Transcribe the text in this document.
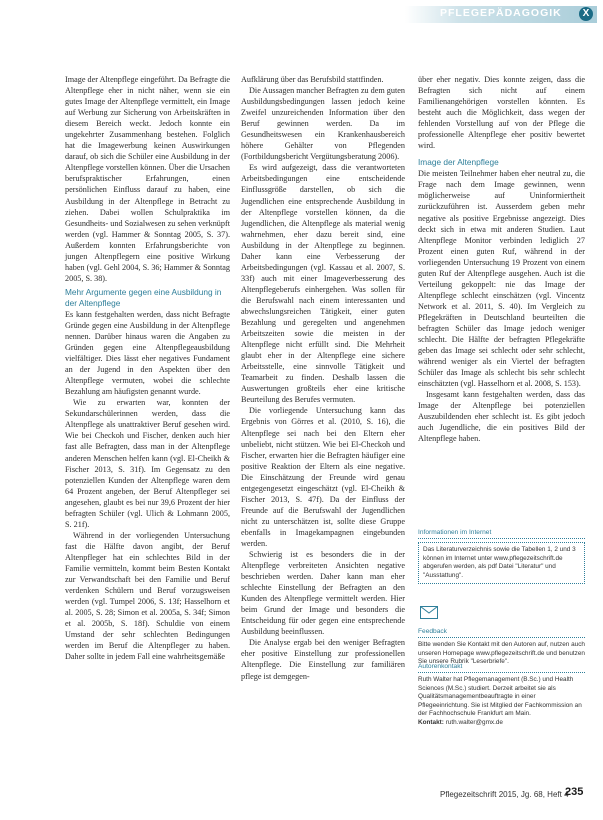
PFLEGEPÄDAGOGIK	X

Image der Altenpflege eingeführt. Da Befragte die Altenpflege eher in nicht näher, wenn sie ein gutes Image der Altenpflege vermittelt, ein Image auf Werbung zur Sicherung von Arbeitskräften in diesem Bereich weckt. Jedoch konnte ein ungekehrter Zusammenhang bestehen. Folglich hat die Imagewerbung keinen Auswirkungen darauf, ob sich die Schüler eine Ausbildung in der Altenpflege vorstellen können. Über die Ursachen berufspraktischer Erfahrungen, einen persönlichen Einfluss darauf zu haben, eine Ausbildung in der Altenpflege in Betracht zu ziehen. Dabei wollen Schulpraktika im Gesundheits- und Sozialwesen zu sehen verknüpft werden (vgl. Hammer & Sonntag 2005, S. 37). Außerdem konnten Erfahrungsberichte von jungen Altenpflegern eine positive Wirkung haben (vgl. Gehl 2004, S. 36; Hammer & Sonntag 2005, S. 38).

Mehr Argumente gegen eine Ausbildung in der Altenpflege

Es kann festgehalten werden, dass nicht Befragte Gründe gegen eine Ausbildung in der Altenpflege nennen. Darüber hinaus waren die Angaben zu Gründen gegen eine Altenpflegeausbildung vielfältiger. Dies lässt eher negatives Fundament an der Jugend in den Aspekten über den Altenpflege vermuten, wobei die schlechte Bezahlung am häufigsten genannt wurde.

Wie zu erwarten war, konnten der Sekundarschülerinnen werden, dass die Altenpflege als unattraktiver Beruf gesehen wird. Wie bei Checkoh und Fischer, denken auch hier fast alle Befragten, dass man in der Altenpflege anderen Menschen helfen kann (vgl. El-Cheikh & Fischer 2013, S. 31f). Im Gegensatz zu den potenziellen Kunden der Altenpflege waren dem 64 Prozent angeben, der Beruf Altenpfleger sei angesehen, glaubt es bei nur 39,6 Prozent der hier befragten Schüler (vgl. Ulich & Lohmann 2005, S. 21f).

Während in der vorliegenden Untersuchung fast die Hälfte davon angibt, der Beruf Altenpfleger hat ein schlechtes Bild in der Familie vermitteln, kommt beim Besten Kontakt zur Verwandtschaft bei den Familie und Beruf verdenken Schülern und Beruf vorzugsweisen werden (vgl. Tumpel 2006, S. 13f; Hasselhorn et al. 2005, S. 28; Simon et al. 2005a, S. 34f; Simon et al. 2005b, S. 18f). Schuldie von einem Umstand der sehr schlechten Bedingungen werden im Beruf die Altenpfleger zu haben. Daher sollte in jedem Fall eine wahrheitsgemäße

Aufklärung über das Berufsbild stattfinden.

Die Aussagen mancher Befragten zu dem guten Ausbildungsbedingungen lassen jedoch keine Zweifel unzureichenden Information über den Beruf gewinnen werden. Da im Gesundheitswesen ein Krankenhausbereich höhere Gehälter von Pflegenden (Fortbildungsbericht Vergütungsberatung 2006).

Es wird aufgezeigt, dass die verantworteten Arbeitsbedingungen eine entscheidende Einflussgröße darstellen, ob sich die Jugendlichen eine entsprechende Ausbildung in der Altenpflege vorstellen können, da die Jugendlichen, die Altenpflege als material wenig wahrnehmen, eher dazu bereit sind, eine Ausbildung in der Altenpflege zu beginnen. Daher kann eine Verbesserung der Arbeitsbedingungen (vgl. Kassau et al. 2007, S. 33f) auch mit einer Imageverbesserung des Altenpflegeberufs einhergehen. Was sollen für die Berufswahl nach einem interessanten und abwechslungsreichen Tätigkeit, einer guten Bezahlung und geregelten und angenehmen Arbeitszeiten sowie die meisten in der Altenpflege nicht erfüllt sind. Die Mehrheit glaubt eher in der Altenpflege eine sichere Arbeitsstelle, eine sinnvolle Tätigkeit und Teamarbeit zu finden. Deshalb lassen die Auswertungen großteils eher eine kritische Beurteilung des Berufes vermuten.

Die vorliegende Untersuchung kann das Ergebnis von Görres et al. (2010, S. 16), die Altenpflege sei nach bei den Eltern eher unbeliebt, nicht stützen. Wie bei El-Checkoh und Fischer, erwarten hier die Befragten häufiger eine positive Reaktion der Eltern als eine negative. Die Einschätzung der Freunde wird genau entgegengesetzt eingeschätzt (vgl. El-Cheikh & Fischer 2013, S. 47f). Da der Einfluss der Freunde auf die Berufswahl der Jugendlichen nicht zu unterschätzen ist, sollte diese Gruppe ebenfalls in Imagekampagnen eingebunden werden.

Schwierig ist es besonders die in der Altenpflege verbreiteten Ansichten negative beschrieben werden. Daher kann man eher schlechte Einstellung der Befragten an den Kunden des Altenpflege vermittelt werden. Hier beim Grund der Image und besonders die Entscheidung für oder gegen eine entsprechende Ausbildung beeinflussen.

Die Analyse ergab bei den weniger Befragten eher positive Einstellung zur professionellen Altenpflege. Die Einstellung zur familiären pflege ist demgegen-

über eher negativ. Dies konnte zeigen, dass die Befragten sich nicht auf einem Familienangehörigen vorstellen könnten. Es besteht auch die Möglichkeit, dass wegen der fehlenden Vorstellung auf von der Pflege die professionelle Altenpflege eher positiv bewertet wird.

Image der Altenpflege

Die meisten Teilnehmer haben eher neutral zu, die Frage nach dem Image gewinnen, wenn möglicherweise auf Uninformiertheit zurückzuführen ist. Ausserdem geben mehr negative als positive Ergebnisse angezeigt. Dies deckt sich in etwa mit anderen Studien. Laut Altenpflege Monitor verbinden lediglich 27 Prozent einen guten Ruf, während in der vorliegenden Untersuchung 19 Prozent von einem guten Ruf der Altenpflege ausgehen. Auch ist die Verteilung gekoppelt: nie das Image der Altenpflege schlecht einschätzen (vgl. Vincentz Network et al. 2011, S. 40). Im Vergleich zu Pflegekräften in Deutschland beurteilten die befragten Schüler das Image jedoch weniger schlecht. Die Hälfte der befragten Pflegekräfte geben das Image sei schlecht oder sehr schlecht, während weniger als ein Viertel der befragten Schüler das Image als schlecht bis sehr schlecht einschätzten (vgl. Hasselhorn et al. 2008, S. 153).

Insgesamt kann festgehalten werden, dass das Image der Altenpflege bei potenziellen Auszubildenden eher schlecht ist. Es gibt jedoch auch Jugendliche, die ein positives Bild der Altenpflege haben.

Informationen im Internet
Das Literaturverzeichnis sowie die Tabellen 1, 2 und 3 können im Internet unter www.pflegezeitschrift.de abgerufen werden, als pdf Datei "Literatur" und "Ausstattung".
Feedback
Bitte wenden Sie Kontakt mit den Autoren auf, nutzen auch unseren Homepage www.pflegezeitschrift.de und benutzen Sie unsere Rubrik "Leserbriefe".
Autorenkontakt
Ruth Walter hat Pflegemanagement (B.Sc.) und Health Sciences (M.Sc.) studiert. Derzeit arbeitet sie als Qualitätsmanagementbeauftragte in einer Pflegeeinrichtung. Sie ist Mitglied der Fachkommission an der Fachhochschule Frankfurt am Main.
Kontakt: ruth.walter@gmx.de
Pflegezeitschrift 2015, Jg. 68, Heft 4
235
